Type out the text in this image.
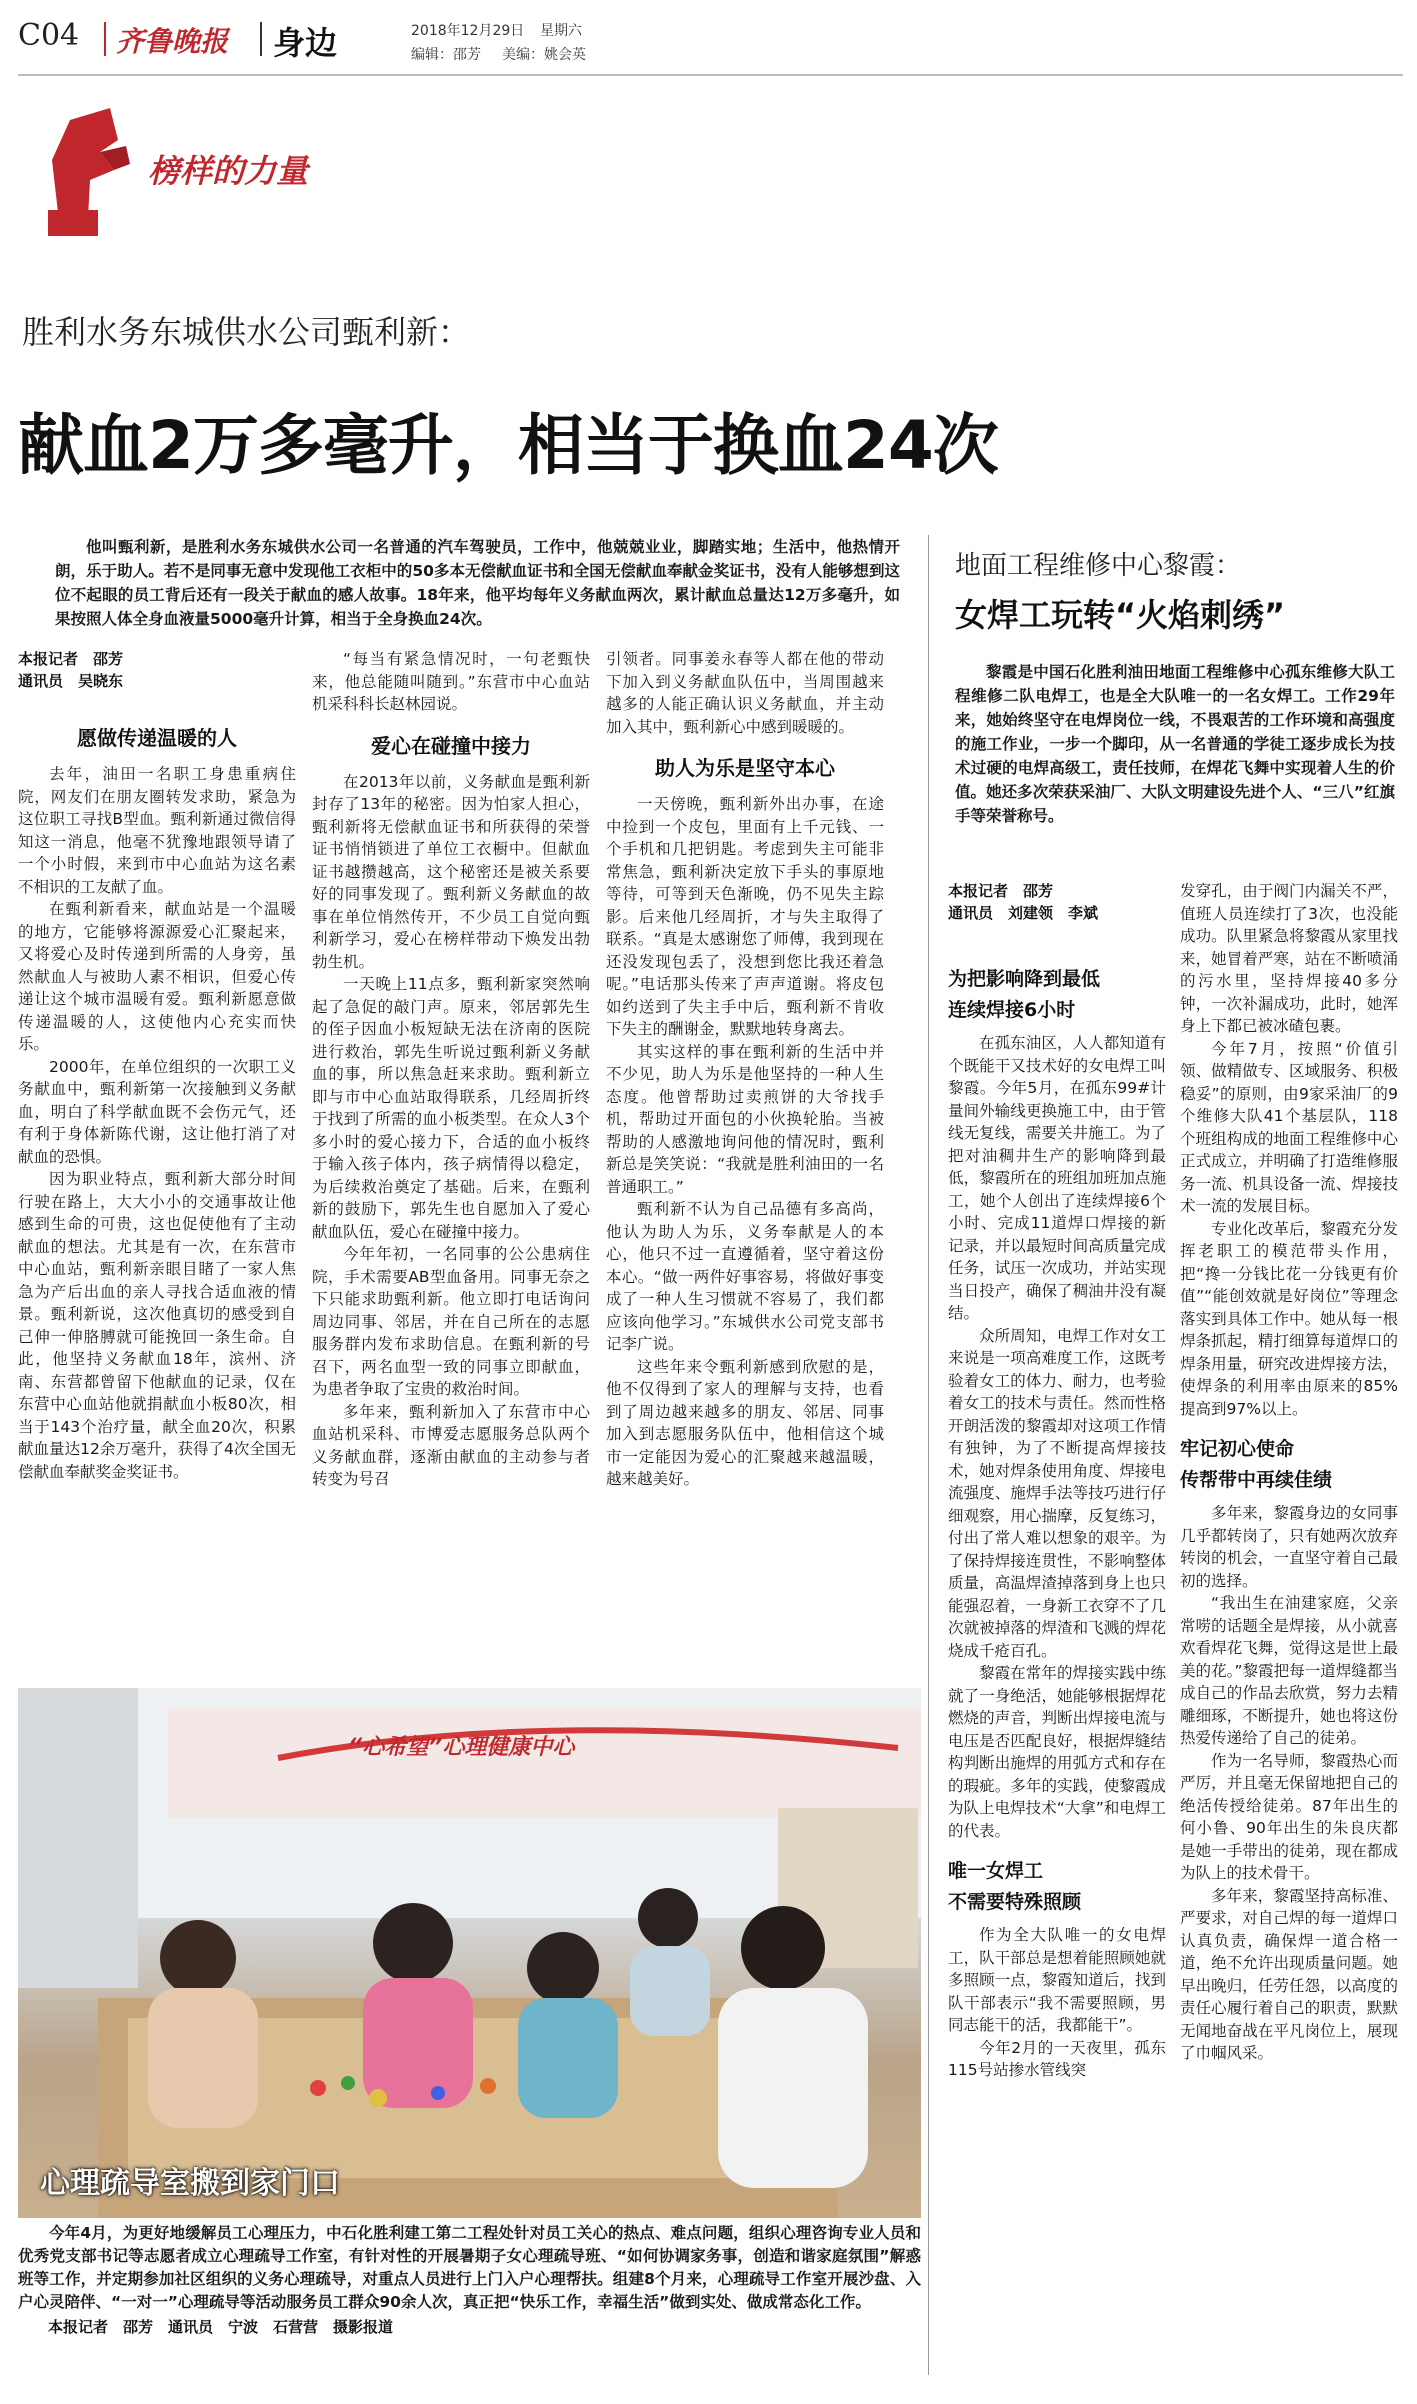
C04 齐鲁晚报 身边	2018年12月29日 星期六
编辑：邵芳 美编：姚会英
榜样的力量
胜利水务东城供水公司甄利新：
献血2万多毫升，相当于换血24次

他叫甄利新，是胜利水务东城供水公司一名普通的汽车驾驶员，工作中，他兢兢业业，脚踏实地；生活中，他热情开朗，乐于助人。若不是同事无意中发现他工衣柜中的50多本无偿献血证书和全国无偿献血奉献金奖证书，没有人能够想到这位不起眼的员工背后还有一段关于献血的感人故事。18年来，他平均每年义务献血两次，累计献血总量达12万多毫升，如果按照人体全身血液量5000毫升计算，相当于全身换血24次。

本报记者　邵芳
通讯员　吴晓东
愿做传递温暖的人

去年，油田一名职工身患重病住院，网友们在朋友圈转发求助，紧急为这位职工寻找B型血。甄利新通过微信得知这一消息，他毫不犹豫地跟领导请了一个小时假，来到市中心血站为这名素不相识的工友献了血。

在甄利新看来，献血站是一个温暖的地方，它能够将源源爱心汇聚起来，又将爱心及时传递到所需的人身旁，虽然献血人与被助人素不相识，但爱心传递让这个城市温暖有爱。甄利新愿意做传递温暖的人，这使他内心充实而快乐。

2000年，在单位组织的一次职工义务献血中，甄利新第一次接触到义务献血，明白了科学献血既不会伤元气，还有利于身体新陈代谢，这让他打消了对献血的恐惧。

因为职业特点，甄利新大部分时间行驶在路上，大大小小的交通事故让他感到生命的可贵，这也促使他有了主动献血的想法。尤其是有一次，在东营市中心血站，甄利新亲眼目睹了一家人焦急为产后出血的亲人寻找合适血液的情景。甄利新说，这次他真切的感受到自己伸一伸胳膊就可能挽回一条生命。自此，他坚持义务献血18年，滨州、济南、东营都曾留下他献血的记录，仅在东营中心血站他就捐献血小板80次，相当于143个治疗量，献全血20次，积累献血量达12余万毫升，获得了4次全国无偿献血奉献奖金奖证书。

“每当有紧急情况时，一句老甄快来，他总能随叫随到。”东营市中心血站机采科科长赵林园说。

爱心在碰撞中接力

在2013年以前，义务献血是甄利新封存了13年的秘密。因为怕家人担心，甄利新将无偿献血证书和所获得的荣誉证书悄悄锁进了单位工衣橱中。但献血证书越攒越高，这个秘密还是被关系要好的同事发现了。甄利新义务献血的故事在单位悄然传开，不少员工自觉向甄利新学习，爱心在榜样带动下焕发出勃勃生机。

一天晚上11点多，甄利新家突然响起了急促的敲门声。原来，邻居郭先生的侄子因血小板短缺无法在济南的医院进行救治，郭先生听说过甄利新义务献血的事，所以焦急赶来求助。甄利新立即与市中心血站取得联系，几经周折终于找到了所需的血小板类型。在众人3个多小时的爱心接力下，合适的血小板终于输入孩子体内，孩子病情得以稳定，为后续救治奠定了基础。后来，在甄利新的鼓励下，郭先生也自愿加入了爱心献血队伍，爱心在碰撞中接力。

今年年初，一名同事的公公患病住院，手术需要AB型血备用。同事无奈之下只能求助甄利新。他立即打电话询问周边同事、邻居，并在自己所在的志愿服务群内发布求助信息。在甄利新的号召下，两名血型一致的同事立即献血，为患者争取了宝贵的救治时间。

多年来，甄利新加入了东营市中心血站机采科、市博爱志愿服务总队两个义务献血群，逐渐由献血的主动参与者转变为号召

引领者。同事姜永春等人都在他的带动下加入到义务献血队伍中，当周围越来越多的人能正确认识义务献血，并主动加入其中，甄利新心中感到暖暖的。

助人为乐是坚守本心

一天傍晚，甄利新外出办事，在途中捡到一个皮包，里面有上千元钱、一个手机和几把钥匙。考虑到失主可能非常焦急，甄利新决定放下手头的事原地等待，可等到天色渐晚，仍不见失主踪影。后来他几经周折，才与失主取得了联系。“真是太感谢您了师傅，我到现在还没发现包丢了，没想到您比我还着急呢。”电话那头传来了声声道谢。将皮包如约送到了失主手中后，甄利新不肯收下失主的酬谢金，默默地转身离去。

其实这样的事在甄利新的生活中并不少见，助人为乐是他坚持的一种人生态度。他曾帮助过卖煎饼的大爷找手机，帮助过开面包的小伙换轮胎。当被帮助的人感激地询问他的情况时，甄利新总是笑笑说：“我就是胜利油田的一名普通职工。”

甄利新不认为自己品德有多高尚，他认为助人为乐，义务奉献是人的本心，他只不过一直遵循着，坚守着这份本心。“做一两件好事容易，将做好事变成了一种人生习惯就不容易了，我们都应该向他学习。”东城供水公司党支部书记李广说。

这些年来令甄利新感到欣慰的是，他不仅得到了家人的理解与支持，也看到了周边越来越多的朋友、邻居、同事加入到志愿服务队伍中，他相信这个城市一定能因为爱心的汇聚越来越温暖，越来越美好。

“心希望”心理健康中心
心理疏导室搬到家门口

今年4月，为更好地缓解员工心理压力，中石化胜利建工第二工程处针对员工关心的热点、难点问题，组织心理咨询专业人员和优秀党支部书记等志愿者成立心理疏导工作室，有针对性的开展暑期子女心理疏导班、“如何协调家务事，创造和谐家庭氛围”解惑班等工作，并定期参加社区组织的义务心理疏导，对重点人员进行上门入户心理帮扶。组建8个月来，心理疏导工作室开展沙盘、入户心灵陪伴、“一对一”心理疏导等活动服务员工群众90余人次，真正把“快乐工作，幸福生活”做到实处、做成常态化工作。

本报记者　邵芳　通讯员　宁波　石营营　摄影报道
地面工程维修中心黎霞：
女焊工玩转“火焰刺绣”

黎霞是中国石化胜利油田地面工程维修中心孤东维修大队工程维修二队电焊工，也是全大队唯一的一名女焊工。工作29年来，她始终坚守在电焊岗位一线，不畏艰苦的工作环境和高强度的施工作业，一步一个脚印，从一名普通的学徒工逐步成长为技术过硬的电焊高级工，责任技师，在焊花飞舞中实现着人生的价值。她还多次荣获采油厂、大队文明建设先进个人、“三八”红旗手等荣誉称号。

本报记者　邵芳
通讯员　刘建领　李斌
为把影响降到最低
连续焊接6小时

在孤东油区，人人都知道有个既能干又技术好的女电焊工叫黎霞。今年5月，在孤东99#计量间外输线更换施工中，由于管线无复线，需要关井施工。为了把对油稠井生产的影响降到最低，黎霞所在的班组加班加点施工，她个人创出了连续焊接6个小时、完成11道焊口焊接的新记录，并以最短时间高质量完成任务，试压一次成功，并站实现当日投产，确保了稠油井没有凝结。

众所周知，电焊工作对女工来说是一项高难度工作，这既考验着女工的体力、耐力，也考验着女工的技术与责任。然而性格开朗活泼的黎霞却对这项工作情有独钟，为了不断提高焊接技术，她对焊条使用角度、焊接电流强度、施焊手法等技巧进行仔细观察，用心揣摩，反复练习，付出了常人难以想象的艰辛。为了保持焊接连贯性，不影响整体质量，高温焊渣掉落到身上也只能强忍着，一身新工衣穿不了几次就被掉落的焊渣和飞溅的焊花烧成千疮百孔。

黎霞在常年的焊接实践中练就了一身绝活，她能够根据焊花燃烧的声音，判断出焊接电流与电压是否匹配良好，根据焊缝结构判断出施焊的用弧方式和存在的瑕疵。多年的实践，使黎霞成为队上电焊技术“大拿”和电焊工的代表。

唯一女焊工
不需要特殊照顾

作为全大队唯一的女电焊工，队干部总是想着能照顾她就多照顾一点，黎霞知道后，找到队干部表示“我不需要照顾，男同志能干的活，我都能干”。

今年2月的一天夜里，孤东115号站掺水管线突

发穿孔，由于阀门内漏关不严，值班人员连续打了3次，也没能成功。队里紧急将黎霞从家里找来，她冒着严寒，站在不断喷涌的污水里，坚持焊接40多分钟，一次补漏成功，此时，她浑身上下都已被冰碴包裹。

今年7月，按照“价值引领、做精做专、区域服务、积极稳妥”的原则，由9家采油厂的9个维修大队41个基层队，118个班组构成的地面工程维修中心正式成立，并明确了打造维修服务一流、机具设备一流、焊接技术一流的发展目标。

专业化改革后，黎霞充分发挥老职工的模范带头作用，把“搀一分钱比花一分钱更有价值”“能创效就是好岗位”等理念落实到具体工作中。她从每一根焊条抓起，精打细算每道焊口的焊条用量，研究改进焊接方法，使焊条的利用率由原来的85%提高到97%以上。

牢记初心使命
传帮带中再续佳绩

多年来，黎霞身边的女同事几乎都转岗了，只有她两次放弃转岗的机会，一直坚守着自己最初的选择。

“我出生在油建家庭，父亲常唠的话题全是焊接，从小就喜欢看焊花飞舞，觉得这是世上最美的花。”黎霞把每一道焊缝都当成自己的作品去欣赏，努力去精雕细琢，不断提升，她也将这份热爱传递给了自己的徒弟。

作为一名导师，黎霞热心而严厉，并且毫无保留地把自己的绝活传授给徒弟。87年出生的何小鲁、90年出生的朱良庆都是她一手带出的徒弟，现在都成为队上的技术骨干。

多年来，黎霞坚持高标准、严要求，对自己焊的每一道焊口认真负责，确保焊一道合格一道，绝不允许出现质量问题。她早出晚归，任劳任怨，以高度的责任心履行着自己的职责，默默无闻地奋战在平凡岗位上，展现了巾帼风采。
